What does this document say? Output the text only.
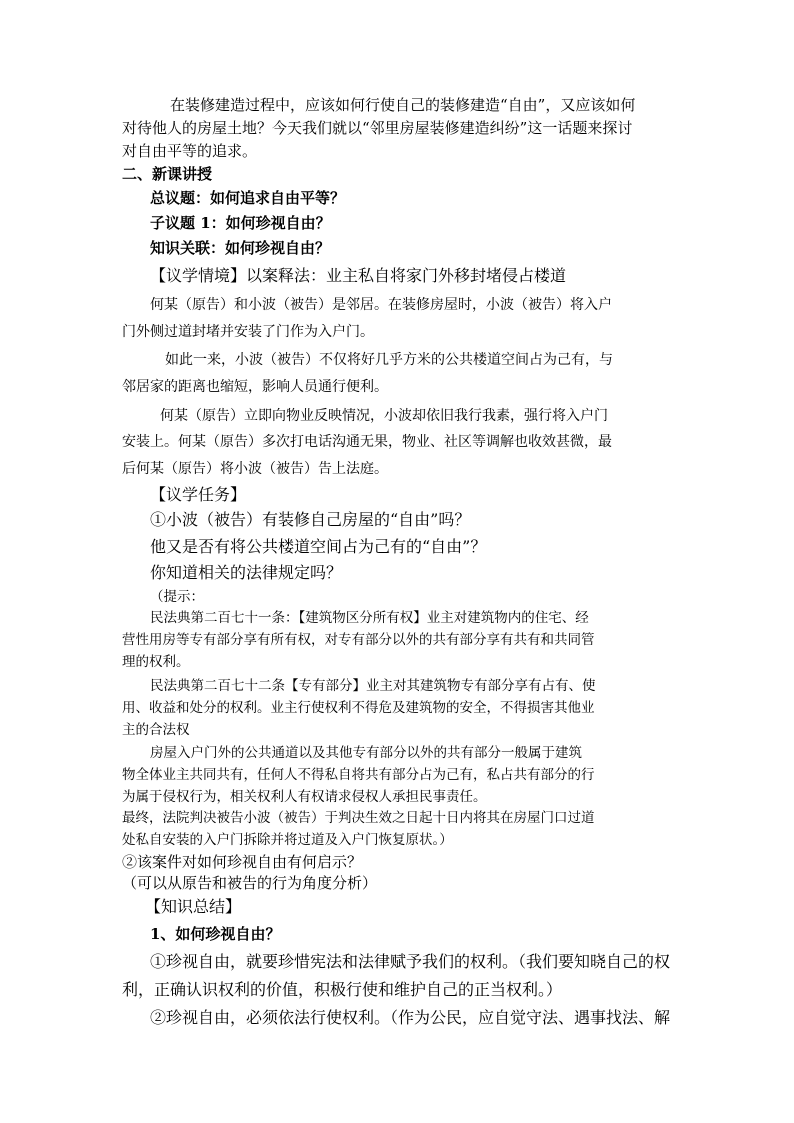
在装修建造过程中，应该如何行使自己的装修建造“自由”，又应该如何
对待他人的房屋土地？今天我们就以“邻里房屋装修建造纠纷”这一话题来探讨
对自由平等的追求。
二、新课讲授
总议题：如何追求自由平等？
子议题 1：如何珍视自由？
知识关联：如何珍视自由？
【议学情境】以案释法：业主私自将家门外移封堵侵占楼道
何某（原告）和小波（被告）是邻居。在装修房屋时，小波（被告）将入户
门外侧过道封堵并安装了门作为入户门。
如此一来，小波（被告）不仅将好几乎方米的公共楼道空间占为己有，与
邻居家的距离也缩短，影响人员通行便利。
何某（原告）立即向物业反映情况，小波却依旧我行我素，强行将入户门
安装上。何某（原告）多次打电话沟通无果，物业、社区等调解也收效甚微，最
后何某（原告）将小波（被告）告上法庭。
【议学任务】
①小波（被告）有装修自己房屋的“自由”吗？
他又是否有将公共楼道空间占为己有的“自由”？
你知道相关的法律规定吗？
（提示：
民法典第二百七十一条：【建筑物区分所有权】业主对建筑物内的住宅、经
营性用房等专有部分享有所有权，对专有部分以外的共有部分享有共有和共同管
理的权利。
民法典第二百七十二条【专有部分】业主对其建筑物专有部分享有占有、使
用、收益和处分的权利。业主行使权利不得危及建筑物的安全，不得损害其他业
主的合法权
房屋入户门外的公共通道以及其他专有部分以外的共有部分一般属于建筑
物全体业主共同共有，任何人不得私自将共有部分占为己有，私占共有部分的行
为属于侵权行为，相关权利人有权请求侵权人承担民事责任。
最终，法院判决被告小波（被告）于判决生效之日起十日内将其在房屋门口过道
处私自安装的入户门拆除并将过道及入户门恢复原状。）
②该案件对如何珍视自由有何启示？
（可以从原告和被告的行为角度分析）
【知识总结】
1、如何珍视自由？
①珍视自由，就要珍惜宪法和法律赋予我们的权利。（我们要知晓自己的权
利，正确认识权利的价值，积极行使和维护自己的正当权利。）
②珍视自由，必须依法行使权利。（作为公民，应自觉守法、遇事找法、解
